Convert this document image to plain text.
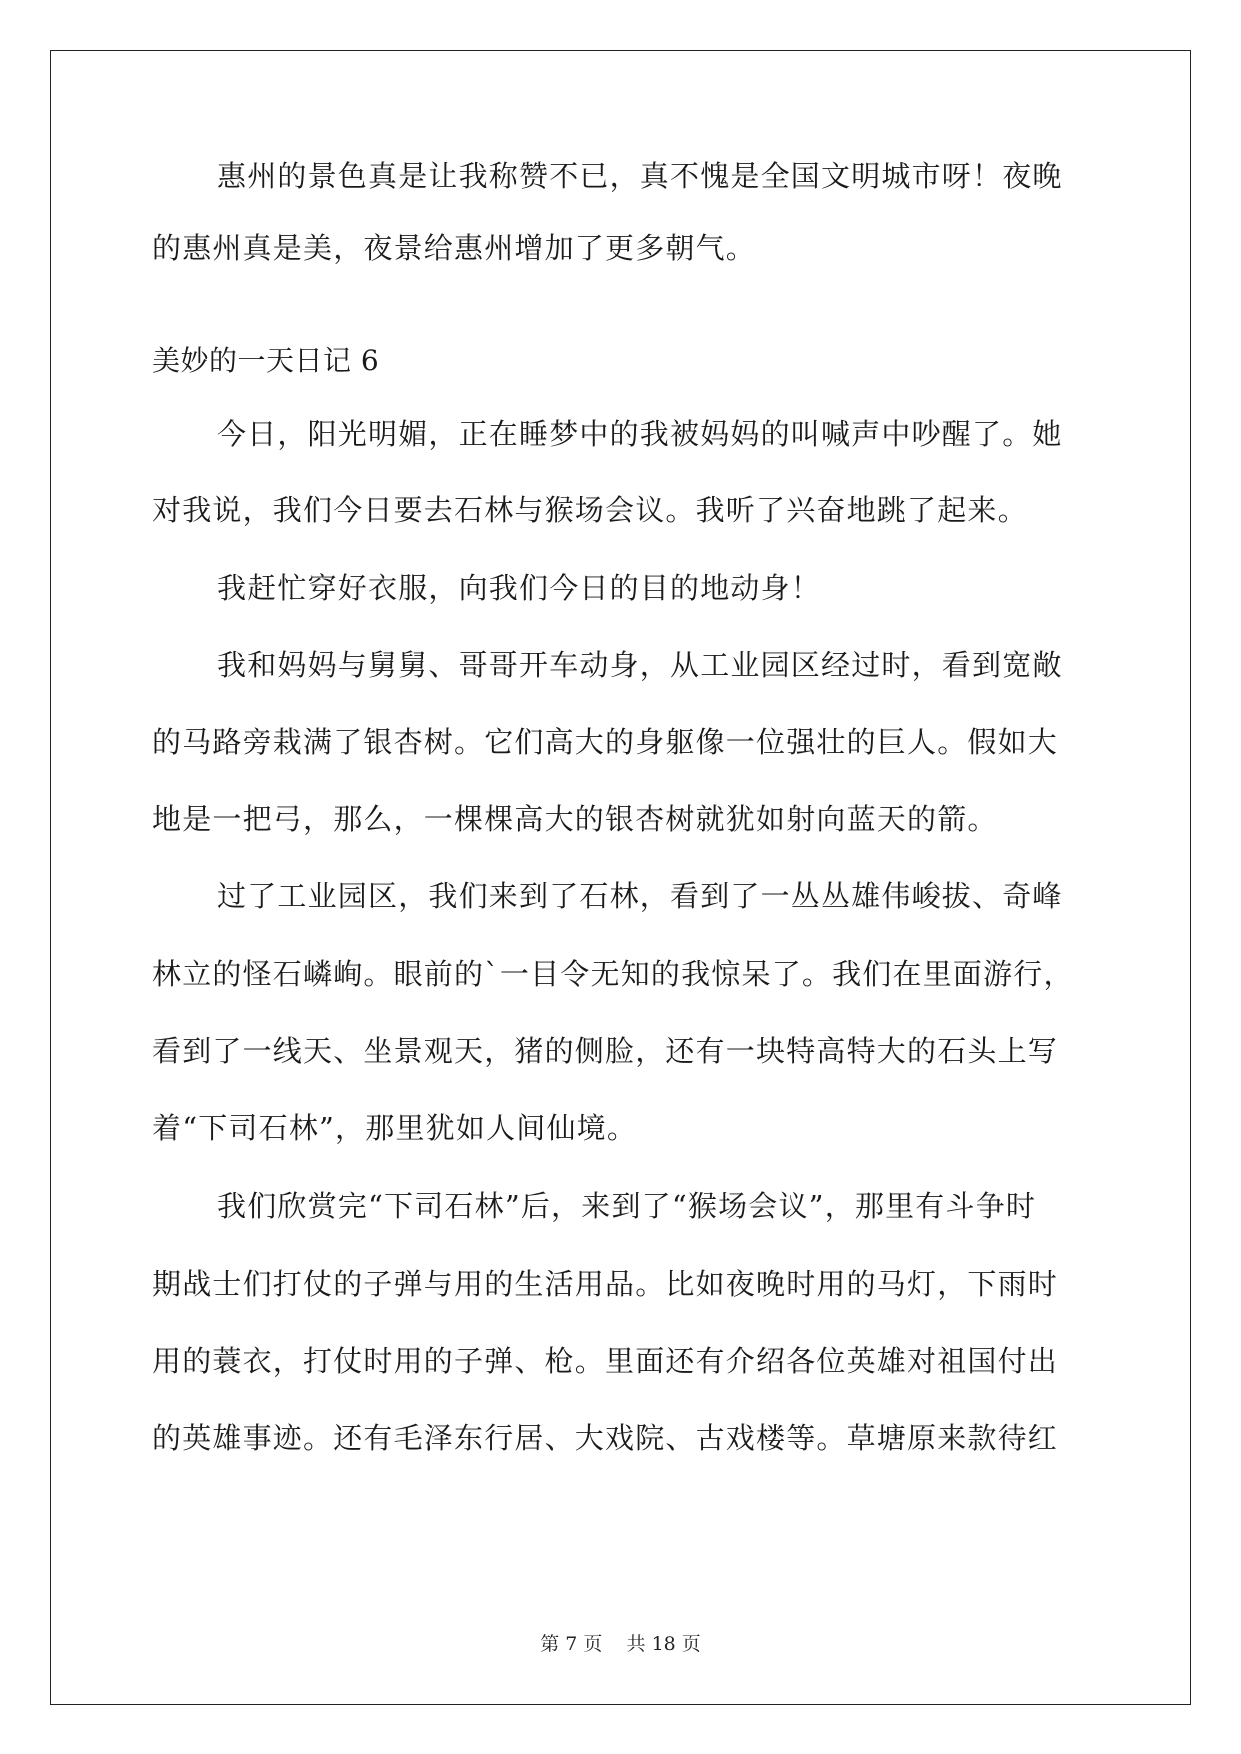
惠州的景色真是让我称赞不已，真不愧是全国文明城市呀！夜晚

的惠州真是美，夜景给惠州增加了更多朝气。

美妙的一天日记 6

今日，阳光明媚，正在睡梦中的我被妈妈的叫喊声中吵醒了。她

对我说，我们今日要去石林与猴场会议。我听了兴奋地跳了起来。

我赶忙穿好衣服，向我们今日的目的地动身！

我和妈妈与舅舅、哥哥开车动身，从工业园区经过时，看到宽敞

的马路旁栽满了银杏树。它们高大的身躯像一位强壮的巨人。假如大

地是一把弓，那么，一棵棵高大的银杏树就犹如射向蓝天的箭。

过了工业园区，我们来到了石林，看到了一丛丛雄伟峻拔、奇峰

林立的怪石嶙峋。眼前的`一目令无知的我惊呆了。我们在里面游行，

看到了一线天、坐景观天，猪的侧脸，还有一块特高特大的石头上写

着“下司石林”，那里犹如人间仙境。

我们欣赏完“下司石林”后，来到了“猴场会议”，那里有斗争时

期战士们打仗的子弹与用的生活用品。比如夜晚时用的马灯，下雨时

用的蓑衣，打仗时用的子弹、枪。里面还有介绍各位英雄对祖国付出

的英雄事迹。还有毛泽东行居、大戏院、古戏楼等。草塘原来款待红

第 7 页 共 18 页
